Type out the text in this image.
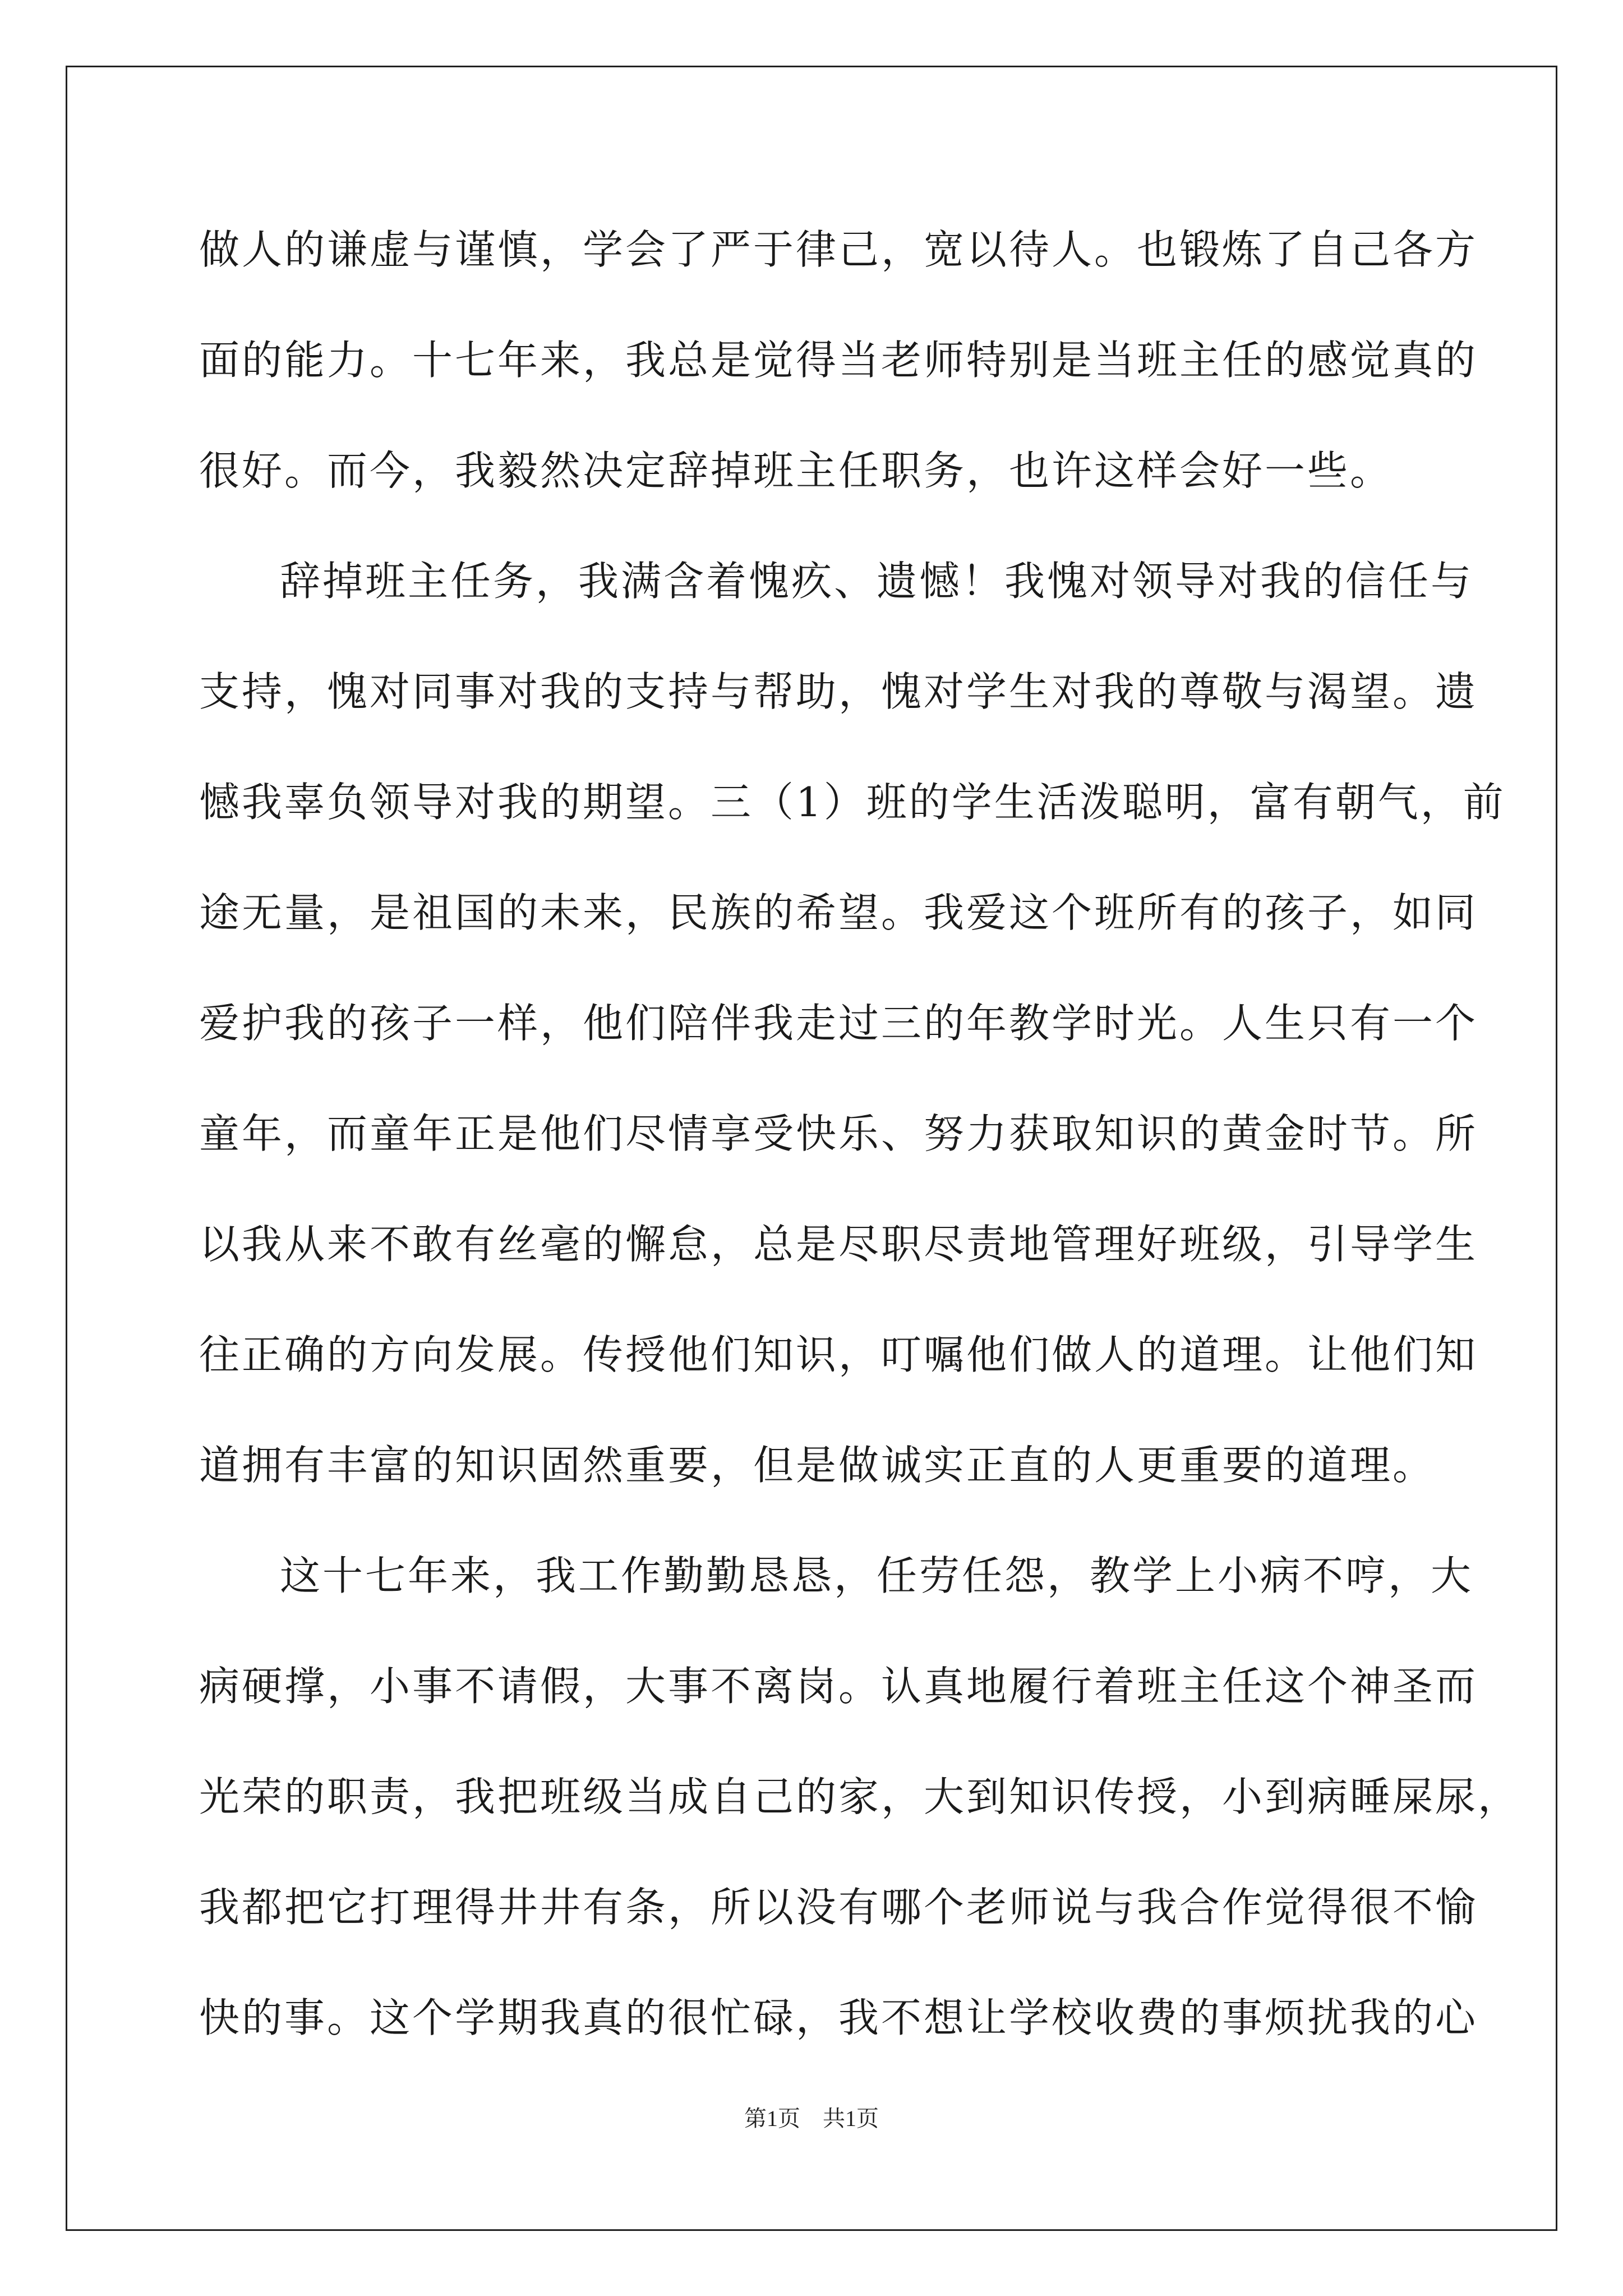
做人的谦虚与谨慎，学会了严于律己，宽以待人。也锻炼了自己各方
面的能力。十七年来，我总是觉得当老师特别是当班主任的感觉真的
很好。而今，我毅然决定辞掉班主任职务，也许这样会好一些。
辞掉班主任务，我满含着愧疚、遗憾！我愧对领导对我的信任与
支持，愧对同事对我的支持与帮助，愧对学生对我的尊敬与渴望。遗
憾我辜负领导对我的期望。三（1）班的学生活泼聪明，富有朝气，前
途无量，是祖国的未来，民族的希望。我爱这个班所有的孩子，如同
爱护我的孩子一样，他们陪伴我走过三的年教学时光。人生只有一个
童年，而童年正是他们尽情享受快乐、努力获取知识的黄金时节。所
以我从来不敢有丝毫的懈怠，总是尽职尽责地管理好班级，引导学生
往正确的方向发展。传授他们知识，叮嘱他们做人的道理。让他们知
道拥有丰富的知识固然重要，但是做诚实正直的人更重要的道理。
这十七年来，我工作勤勤恳恳，任劳任怨，教学上小病不哼，大
病硬撑，小事不请假，大事不离岗。认真地履行着班主任这个神圣而
光荣的职责，我把班级当成自己的家，大到知识传授，小到病睡屎尿，
我都把它打理得井井有条，所以没有哪个老师说与我合作觉得很不愉
快的事。这个学期我真的很忙碌，我不想让学校收费的事烦扰我的心
第1页 共1页
